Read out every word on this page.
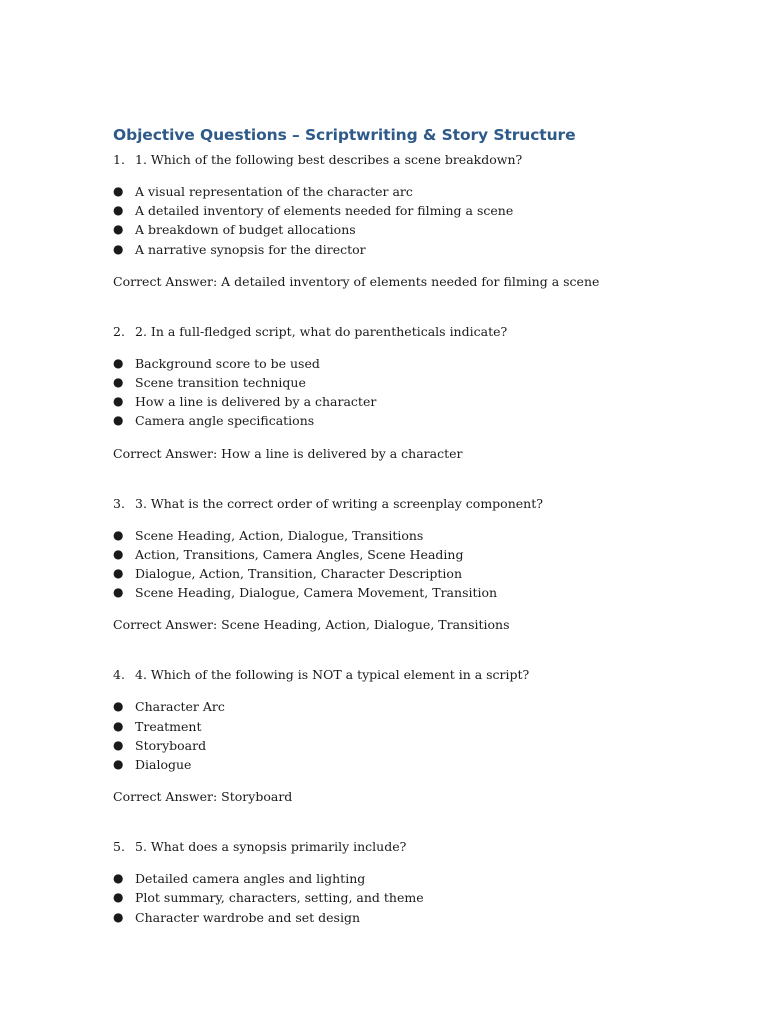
Objective Questions – Scriptwriting & Story Structure
1. 1. Which of the following best describes a scene breakdown?
● A visual representation of the character arc
● A detailed inventory of elements needed for filming a scene
● A breakdown of budget allocations
● A narrative synopsis for the director

Correct Answer: A detailed inventory of elements needed for filming a scene

2. 2. In a full-fledged script, what do parentheticals indicate?
● Background score to be used
● Scene transition technique
● How a line is delivered by a character
● Camera angle specifications

Correct Answer: How a line is delivered by a character

3. 3. What is the correct order of writing a screenplay component?
● Scene Heading, Action, Dialogue, Transitions
● Action, Transitions, Camera Angles, Scene Heading
● Dialogue, Action, Transition, Character Description
● Scene Heading, Dialogue, Camera Movement, Transition

Correct Answer: Scene Heading, Action, Dialogue, Transitions

4. 4. Which of the following is NOT a typical element in a script?
● Character Arc
● Treatment
● Storyboard
● Dialogue

Correct Answer: Storyboard

5. 5. What does a synopsis primarily include?
● Detailed camera angles and lighting
● Plot summary, characters, setting, and theme
● Character wardrobe and set design
